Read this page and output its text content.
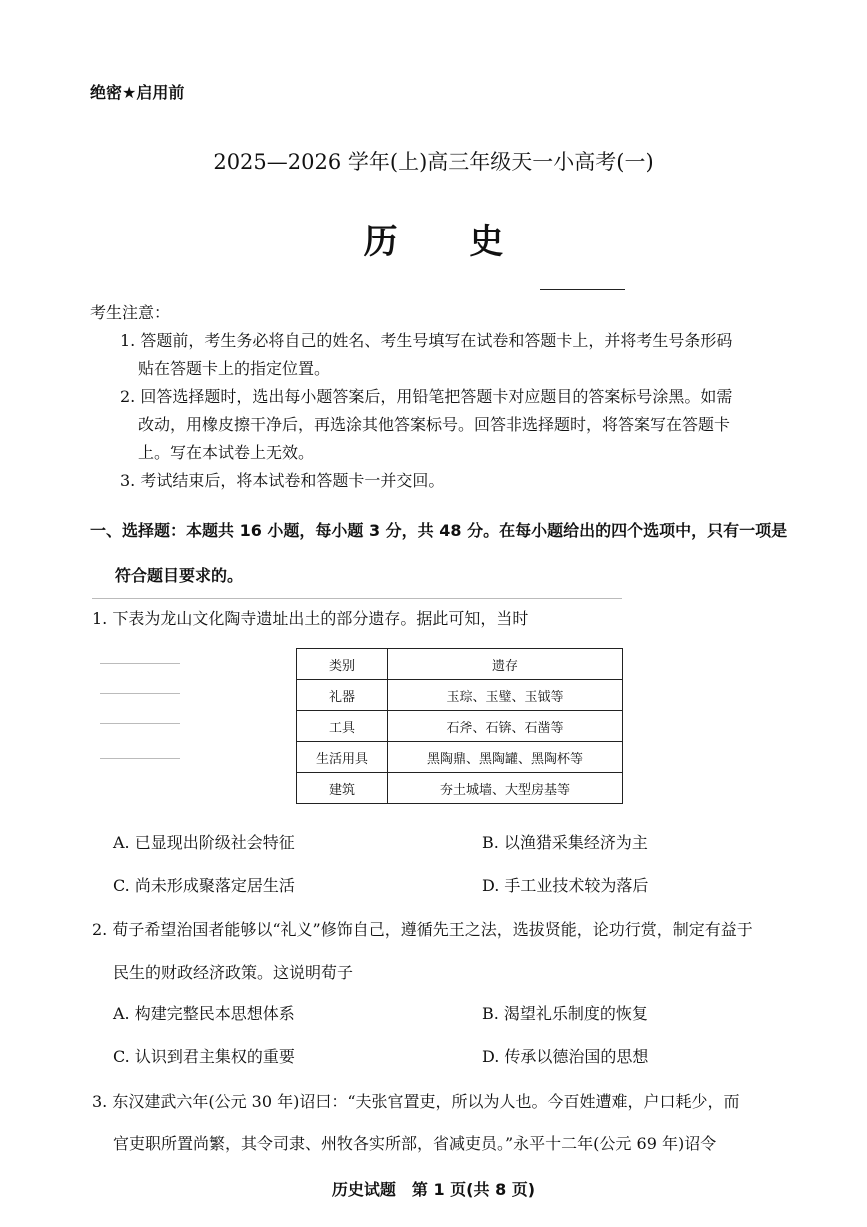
绝密★启用前
2025—2026 学年(上)高三年级天一小高考(一)
历 史
考生注意：
1. 答题前，考生务必将自己的姓名、考生号填写在试卷和答题卡上，并将考生号条形码
贴在答题卡上的指定位置。
2. 回答选择题时，选出每小题答案后，用铅笔把答题卡对应题目的答案标号涂黑。如需
改动，用橡皮擦干净后，再选涂其他答案标号。回答非选择题时，将答案写在答题卡
上。写在本试卷上无效。
3. 考试结束后，将本试卷和答题卡一并交回。
一、选择题：本题共 16 小题，每小题 3 分，共 48 分。在每小题给出的四个选项中，只有一项是
符合题目要求的。
1. 下表为龙山文化陶寺遗址出土的部分遗存。据此可知，当时
类别	遗存
礼器	玉琮、玉璧、玉钺等
工具	石斧、石锛、石凿等
生活用具	黑陶鼎、黑陶罐、黑陶杯等
建筑	夯土城墙、大型房基等
A. 已显现出阶级社会特征	B. 以渔猎采集经济为主
C. 尚未形成聚落定居生活	D. 手工业技术较为落后
2. 荀子希望治国者能够以“礼义”修饰自己，遵循先王之法，选拔贤能，论功行赏，制定有益于
民生的财政经济政策。这说明荀子
A. 构建完整民本思想体系	B. 渴望礼乐制度的恢复
C. 认识到君主集权的重要	D. 传承以德治国的思想
3. 东汉建武六年(公元 30 年)诏曰：“夫张官置吏，所以为人也。今百姓遭难，户口耗少，而
官吏职所置尚繁，其令司隶、州牧各实所部，省减吏员。”永平十二年(公元 69 年)诏令
历史试题　第 1 页(共 8 页)
